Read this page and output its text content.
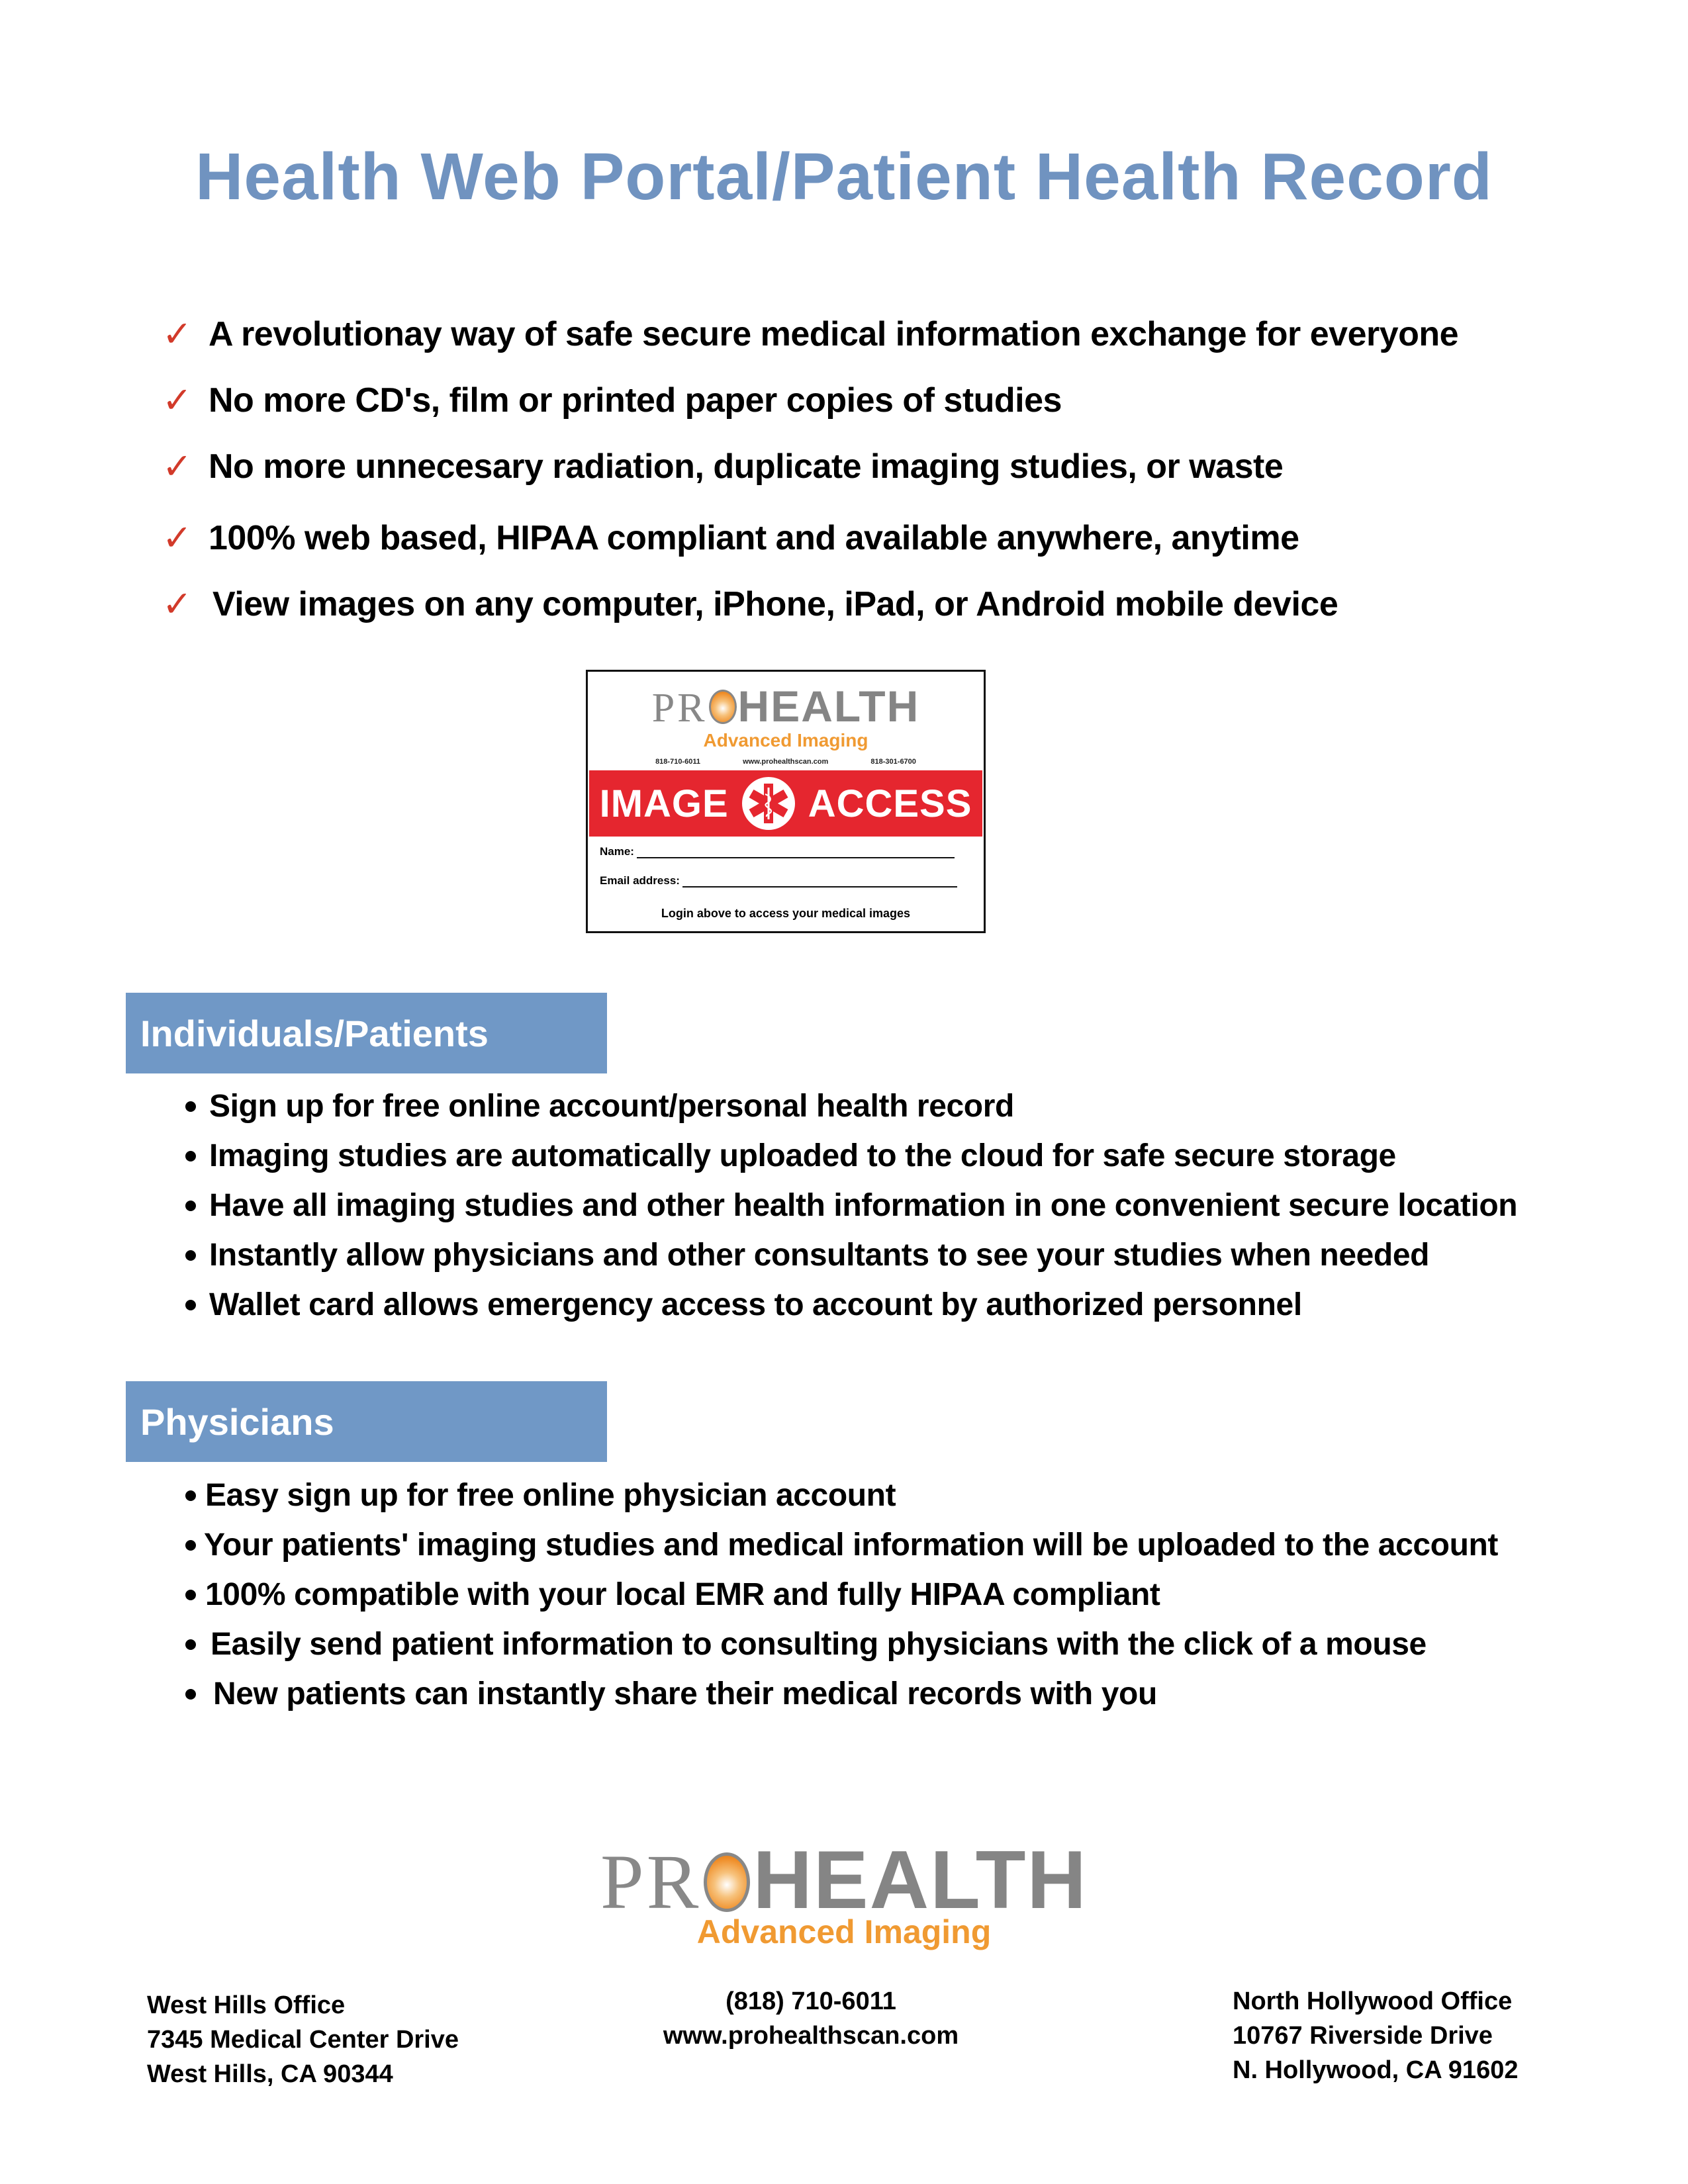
Health Web Portal/Patient Health Record
✓ A revolutionay way of safe secure medical information exchange for everyone
✓ No more CD's, film or printed paper copies of studies
✓ No more unnecesary radiation, duplicate imaging studies, or waste
✓ 100% web based, HIPAA compliant and available anywhere, anytime
✓ View images on any computer, iPhone, iPad, or Android mobile device
PR HEALTH
Advanced Imaging
818-710-6011	www.prohealthscan.com	818-301-6700
IMAGE ACCESS
Name:
Email address:
Login above to access your medical images
Individuals/Patients
Sign up for free online account/personal health record
Imaging studies are automatically uploaded to the cloud for safe secure storage
Have all imaging studies and other health information in one convenient secure location
Instantly allow physicians and other consultants to see your studies when needed
Wallet card allows emergency access to account by authorized personnel
Physicians
Easy sign up for free online physician account
Your patients' imaging studies and medical information will be uploaded to the account
100% compatible with your local EMR and fully HIPAA compliant
Easily send patient information to consulting physicians with the click of a mouse
New patients can instantly share their medical records with you
PR HEALTH
Advanced Imaging
West Hills Office
7345 Medical Center Drive
West Hills, CA 90344
(818) 710-6011
www.prohealthscan.com
North Hollywood Office
10767 Riverside Drive
N. Hollywood, CA 91602
